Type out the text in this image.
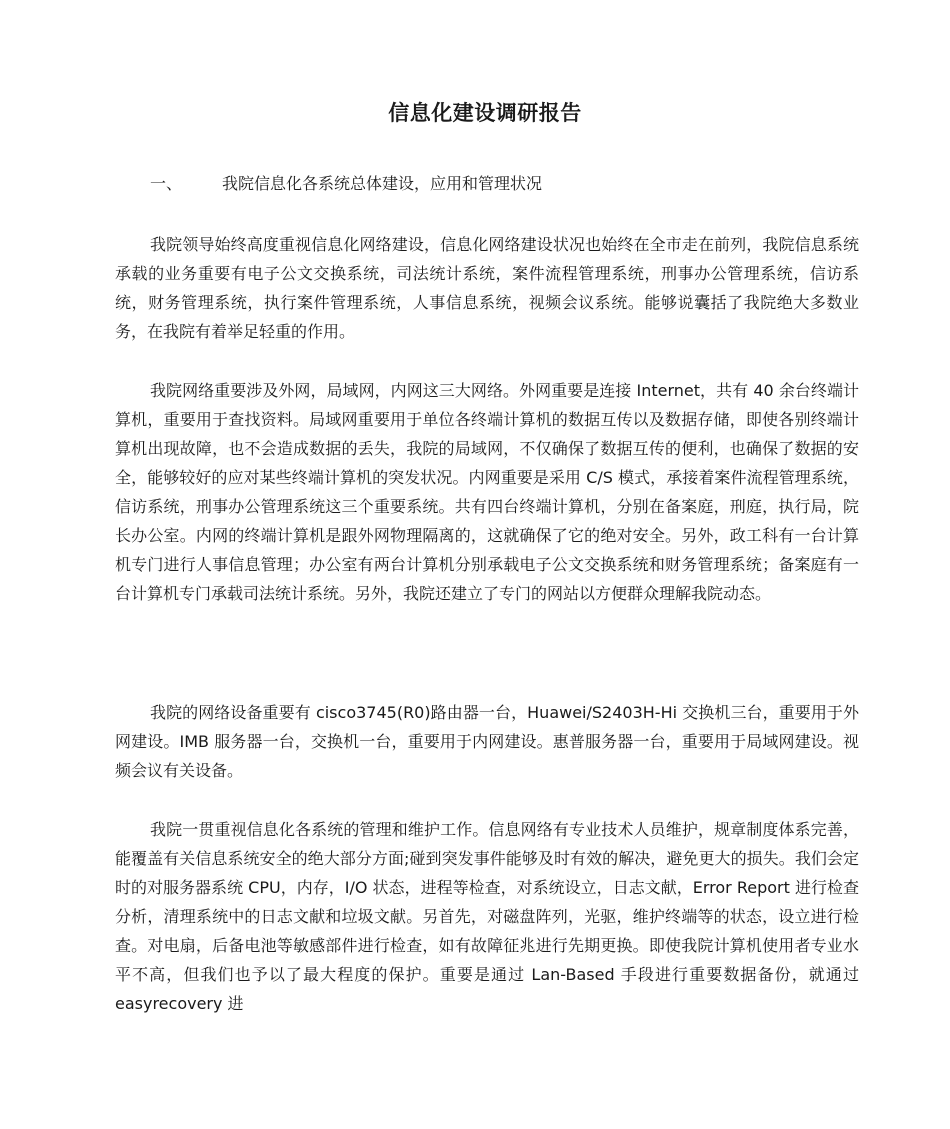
信息化建设调研报告
一、 我院信息化各系统总体建设，应用和管理状况

我院领导始终高度重视信息化网络建设，信息化网络建设状况也始终在全市走在前列，我院信息系统承载的业务重要有电子公文交换系统，司法统计系统，案件流程管理系统，刑事办公管理系统，信访系统，财务管理系统，执行案件管理系统，人事信息系统，视频会议系统。能够说囊括了我院绝大多数业务，在我院有着举足轻重的作用。

我院网络重要涉及外网，局域网，内网这三大网络。外网重要是连接 Internet，共有 40 余台终端计算机，重要用于查找资料。局域网重要用于单位各终端计算机的数据互传以及数据存储，即使各别终端计算机出现故障，也不会造成数据的丢失，我院的局域网，不仅确保了数据互传的便利，也确保了数据的安全，能够较好的应对某些终端计算机的突发状况。内网重要是采用 C/S 模式，承接着案件流程管理系统，信访系统，刑事办公管理系统这三个重要系统。共有四台终端计算机，分别在备案庭，刑庭，执行局，院长办公室。内网的终端计算机是跟外网物理隔离的，这就确保了它的绝对安全。另外，政工科有一台计算机专门进行人事信息管理；办公室有两台计算机分别承载电子公文交换系统和财务管理系统；备案庭有一台计算机专门承载司法统计系统。另外，我院还建立了专门的网站以方便群众理解我院动态。

我院的网络设备重要有 cisco3745(R0)路由器一台，Huawei/S2403H-Hi 交换机三台，重要用于外网建设。IMB 服务器一台，交换机一台，重要用于内网建设。惠普服务器一台，重要用于局域网建设。视频会议有关设备。

我院一贯重视信息化各系统的管理和维护工作。信息网络有专业技术人员维护，规章制度体系完善，能覆盖有关信息系统安全的绝大部分方面;碰到突发事件能够及时有效的解决，避免更大的损失。我们会定时的对服务器系统 CPU，内存，I/O 状态，进程等检查，对系统设立，日志文献，Error Report 进行检查分析，清理系统中的日志文献和垃圾文献。另首先，对磁盘阵列，光驱，维护终端等的状态，设立进行检查。对电扇，后备电池等敏感部件进行检查，如有故障征兆进行先期更换。即使我院计算机使用者专业水平不高，但我们也予以了最大程度的保护。重要是通过 Lan-Based 手段进行重要数据备份，就通过 easyrecovery 进
